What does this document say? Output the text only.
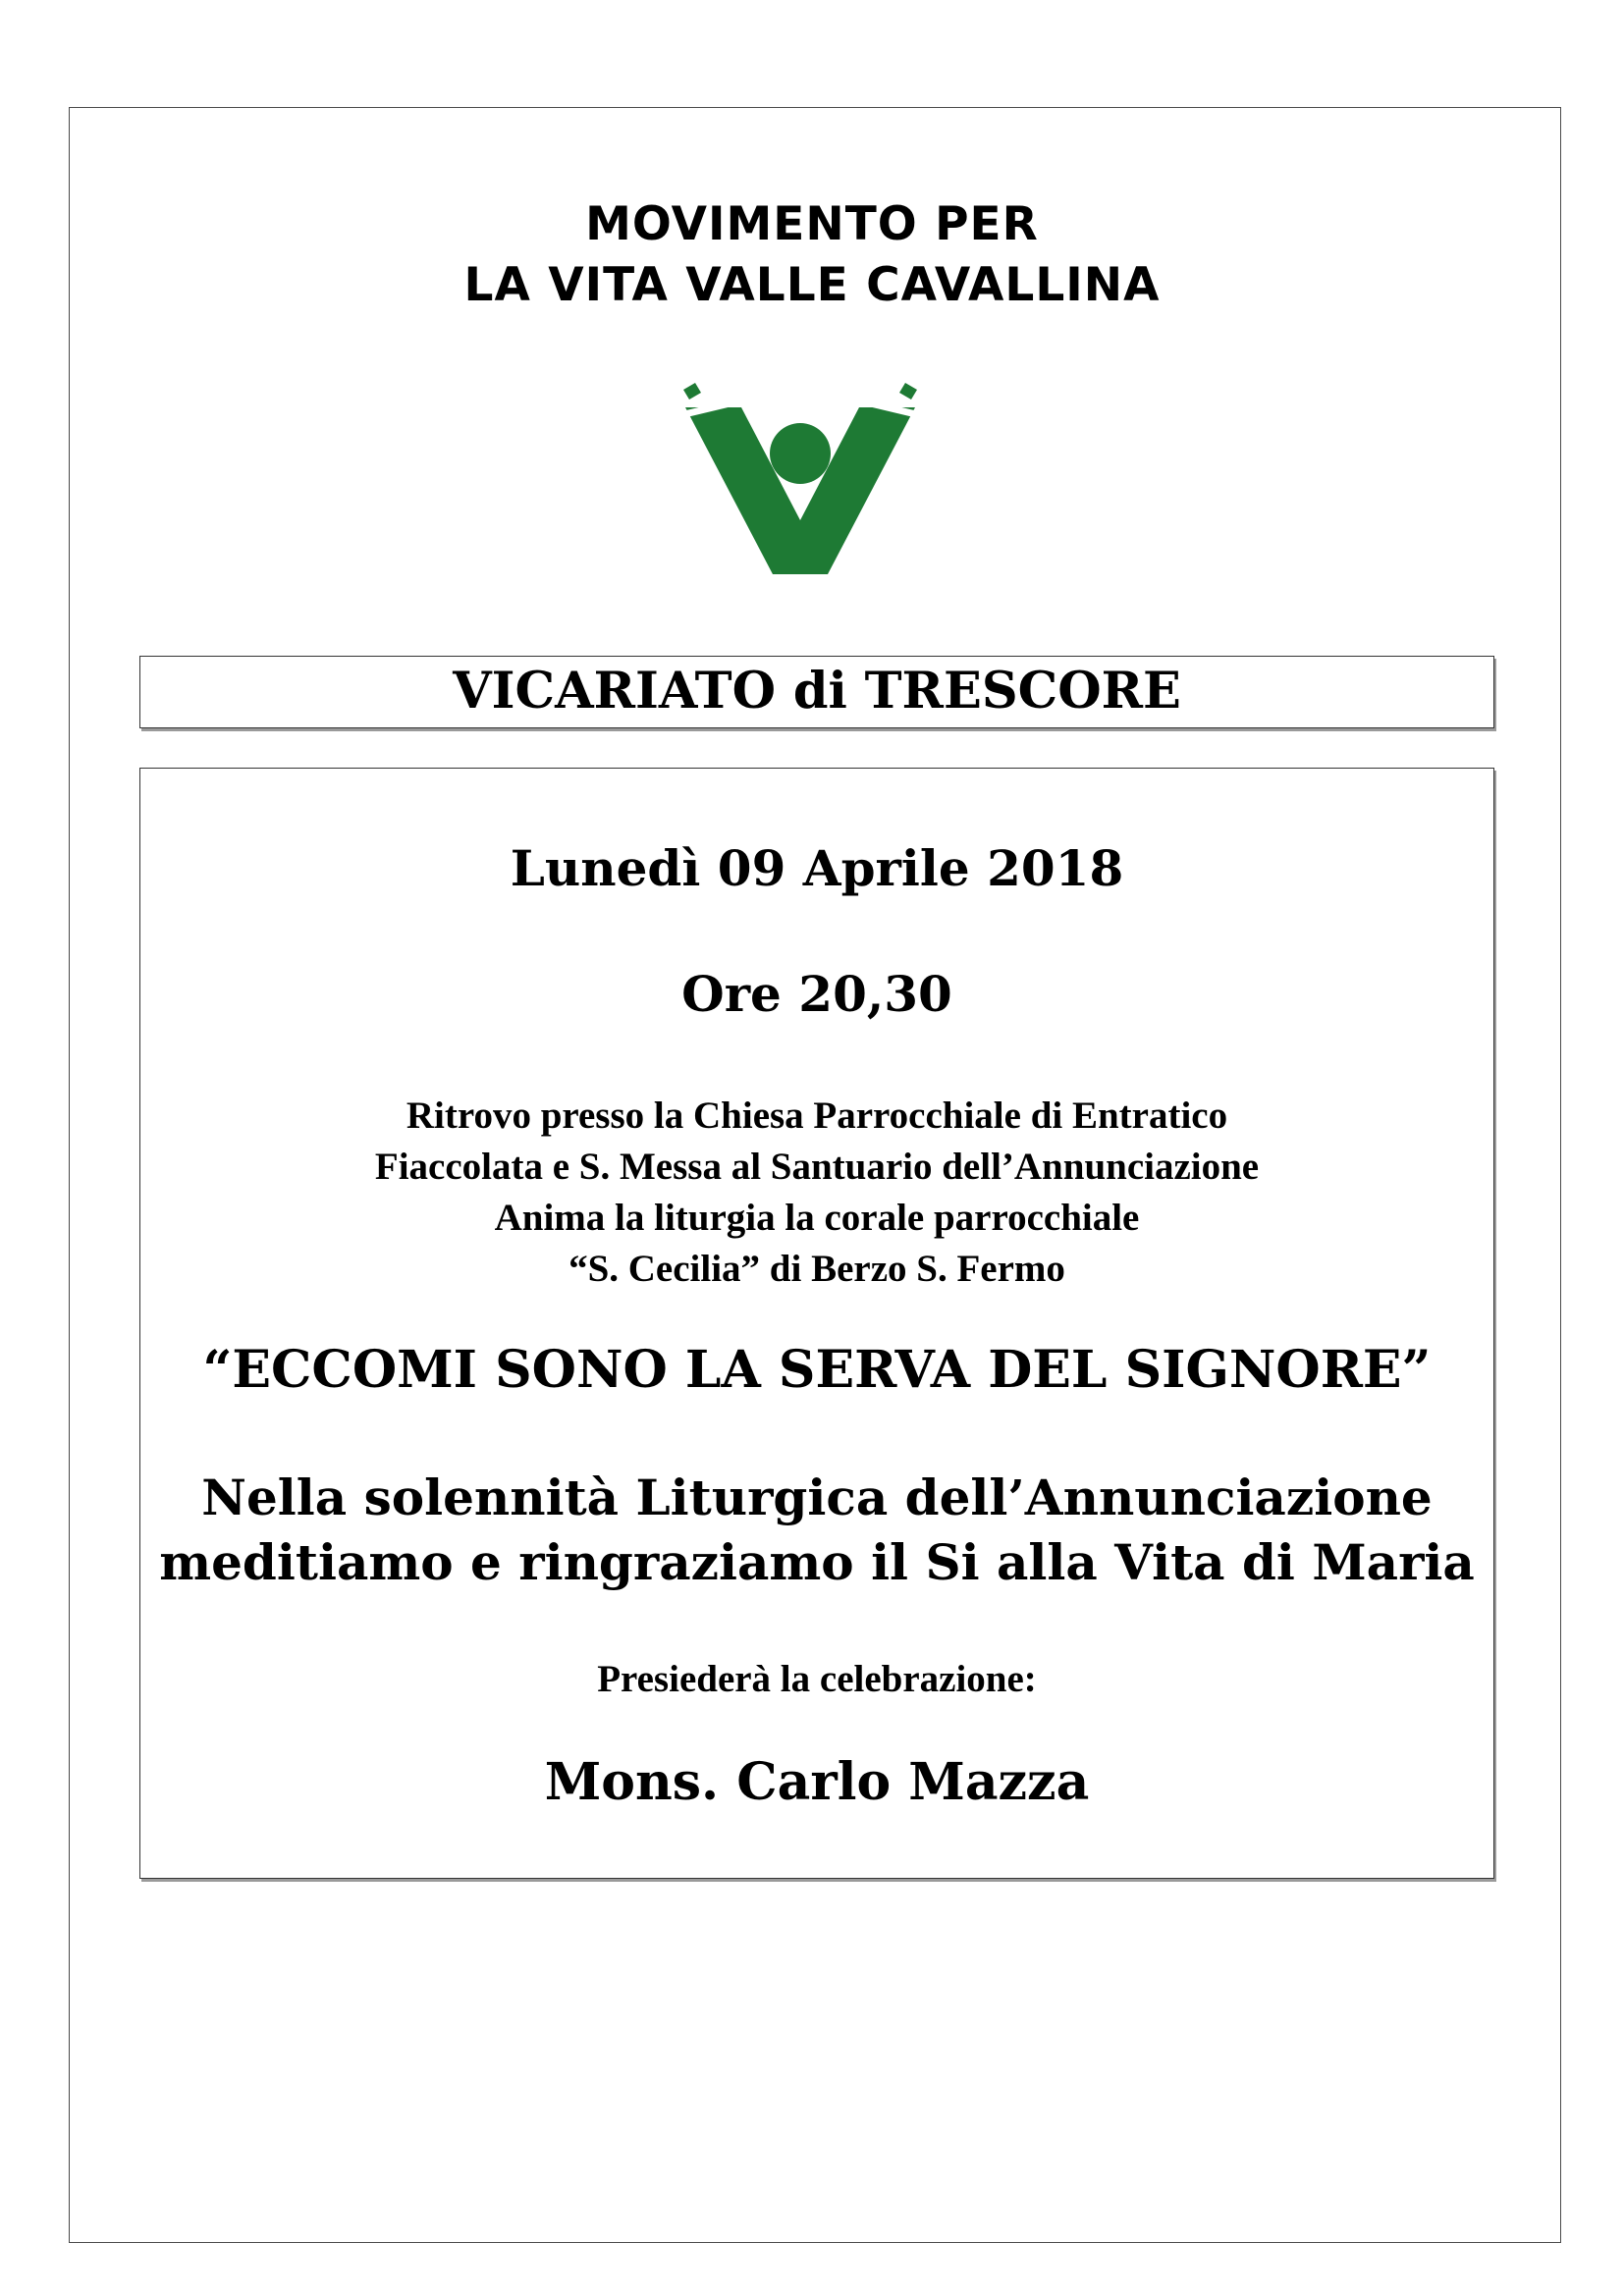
MOVIMENTO PER
LA VITA VALLE CAVALLINA
VICARIATO di TRESCORE
Lunedì 09 Aprile 2018
Ore 20,30
Ritrovo presso la Chiesa Parrocchiale di Entratico
Fiaccolata e S. Messa al Santuario dell’Annunciazione
Anima la liturgia la corale parrocchiale
“S. Cecilia” di Berzo S. Fermo
“ECCOMI SONO LA SERVA DEL SIGNORE”
Nella solennità Liturgica dell’Annunciazione
meditiamo e ringraziamo il Si alla Vita di Maria
Presiederà la celebrazione:
Mons. Carlo Mazza
